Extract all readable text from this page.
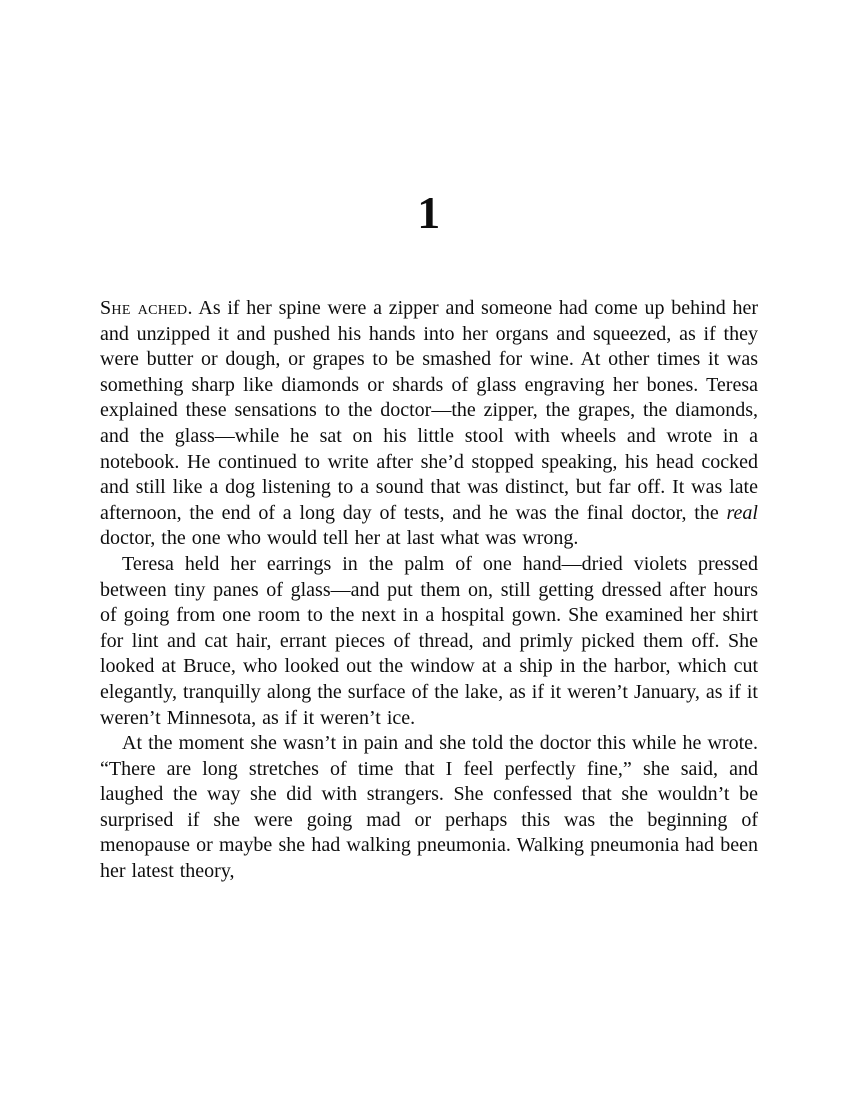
1

She ached. As if her spine were a zipper and someone had come up behind her and unzipped it and pushed his hands into her organs and squeezed, as if they were butter or dough, or grapes to be smashed for wine. At other times it was something sharp like diamonds or shards of glass engraving her bones. Teresa explained these sensations to the doctor—the zipper, the grapes, the diamonds, and the glass—while he sat on his little stool with wheels and wrote in a notebook. He continued to write after she’d stopped speaking, his head cocked and still like a dog listening to a sound that was distinct, but far off. It was late afternoon, the end of a long day of tests, and he was the final doctor, the real doctor, the one who would tell her at last what was wrong.

Teresa held her earrings in the palm of one hand—dried violets pressed between tiny panes of glass—and put them on, still getting dressed after hours of going from one room to the next in a hospital gown. She examined her shirt for lint and cat hair, errant pieces of thread, and primly picked them off. She looked at Bruce, who looked out the window at a ship in the harbor, which cut elegantly, tranquilly along the surface of the lake, as if it weren’t January, as if it weren’t Minnesota, as if it weren’t ice.

At the moment she wasn’t in pain and she told the doctor this while he wrote. “There are long stretches of time that I feel perfectly fine,” she said, and laughed the way she did with strangers. She confessed that she wouldn’t be surprised if she were going mad or perhaps this was the beginning of menopause or maybe she had walking pneumonia. Walking pneumonia had been her latest theory,
